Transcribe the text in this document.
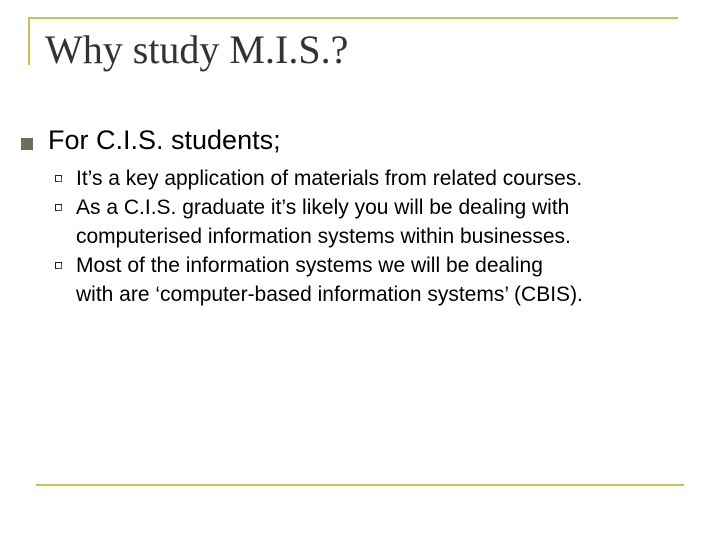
Why study M.I.S.?
For C.I.S. students;
It’s a key application of materials from related courses.
As a C.I.S. graduate it’s likely you will be dealing with
computerised information systems within businesses.
Most of the information systems we will be dealing
with are ‘computer-based information systems’ (CBIS).
